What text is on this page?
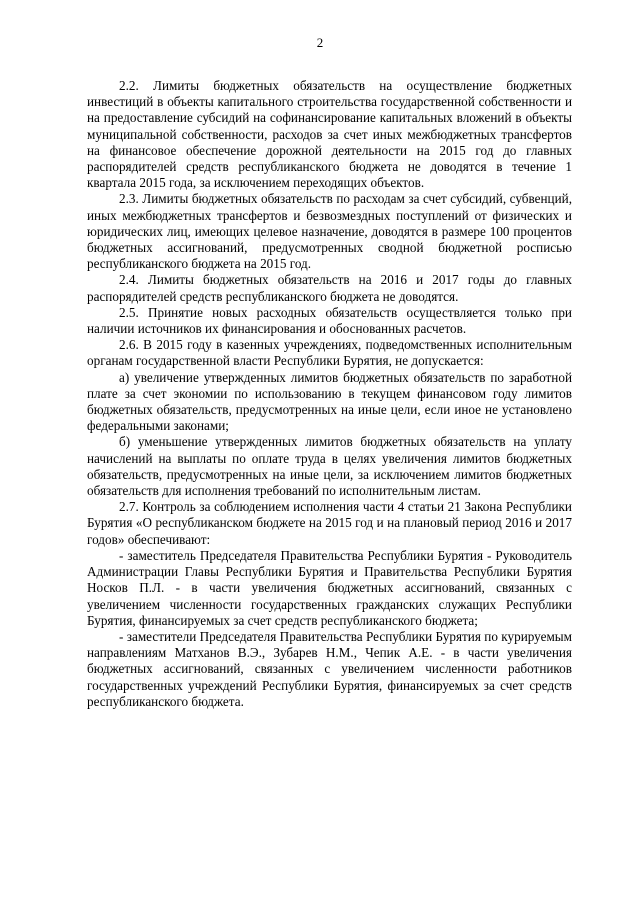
2

2.2. Лимиты бюджетных обязательств на осуществление бюджетных инвестиций в объекты капитального строительства государственной собственности и на предоставление субсидий на софинансирование капитальных вложений в объекты муниципальной собственности, расходов за счет иных межбюджетных трансфертов на финансовое обеспечение дорожной деятельности на 2015 год до главных распорядителей средств республиканского бюджета не доводятся в течение 1 квартала 2015 года, за исключением переходящих объектов.

2.3. Лимиты бюджетных обязательств по расходам за счет субсидий, субвенций, иных межбюджетных трансфертов и безвозмездных поступлений от физических и юридических лиц, имеющих целевое назначение, доводятся в размере 100 процентов бюджетных ассигнований, предусмотренных сводной бюджетной росписью республиканского бюджета на 2015 год.

2.4. Лимиты бюджетных обязательств на 2016 и 2017 годы до главных распорядителей средств республиканского бюджета не доводятся.

2.5. Принятие новых расходных обязательств осуществляется только при наличии источников их финансирования и обоснованных расчетов.

2.6. В 2015 году в казенных учреждениях, подведомственных исполнительным органам государственной власти Республики Бурятия, не допускается:

а) увеличение утвержденных лимитов бюджетных обязательств по заработной плате за счет экономии по использованию в текущем финансовом году лимитов бюджетных обязательств, предусмотренных на иные цели, если иное не установлено федеральными законами;

б) уменьшение утвержденных лимитов бюджетных обязательств на уплату начислений на выплаты по оплате труда в целях увеличения лимитов бюджетных обязательств, предусмотренных на иные цели, за исключением лимитов бюджетных обязательств для исполнения требований по исполнительным листам.

2.7. Контроль за соблюдением исполнения части 4 статьи 21 Закона Республики Бурятия «О республиканском бюджете на 2015 год и на плановый период 2016 и 2017 годов» обеспечивают:

- заместитель Председателя Правительства Республики Бурятия - Руководитель Администрации Главы Республики Бурятия и Правительства Республики Бурятия Носков П.Л. - в части увеличения бюджетных ассигнований, связанных с увеличением численности государственных гражданских служащих Республики Бурятия, финансируемых за счет средств республиканского бюджета;

- заместители Председателя Правительства Республики Бурятия по курируемым направлениям Матханов В.Э., Зубарев Н.М., Чепик А.Е. - в части увеличения бюджетных ассигнований, связанных с увеличением численности работников государственных учреждений Республики Бурятия, финансируемых за счет средств республиканского бюджета.
